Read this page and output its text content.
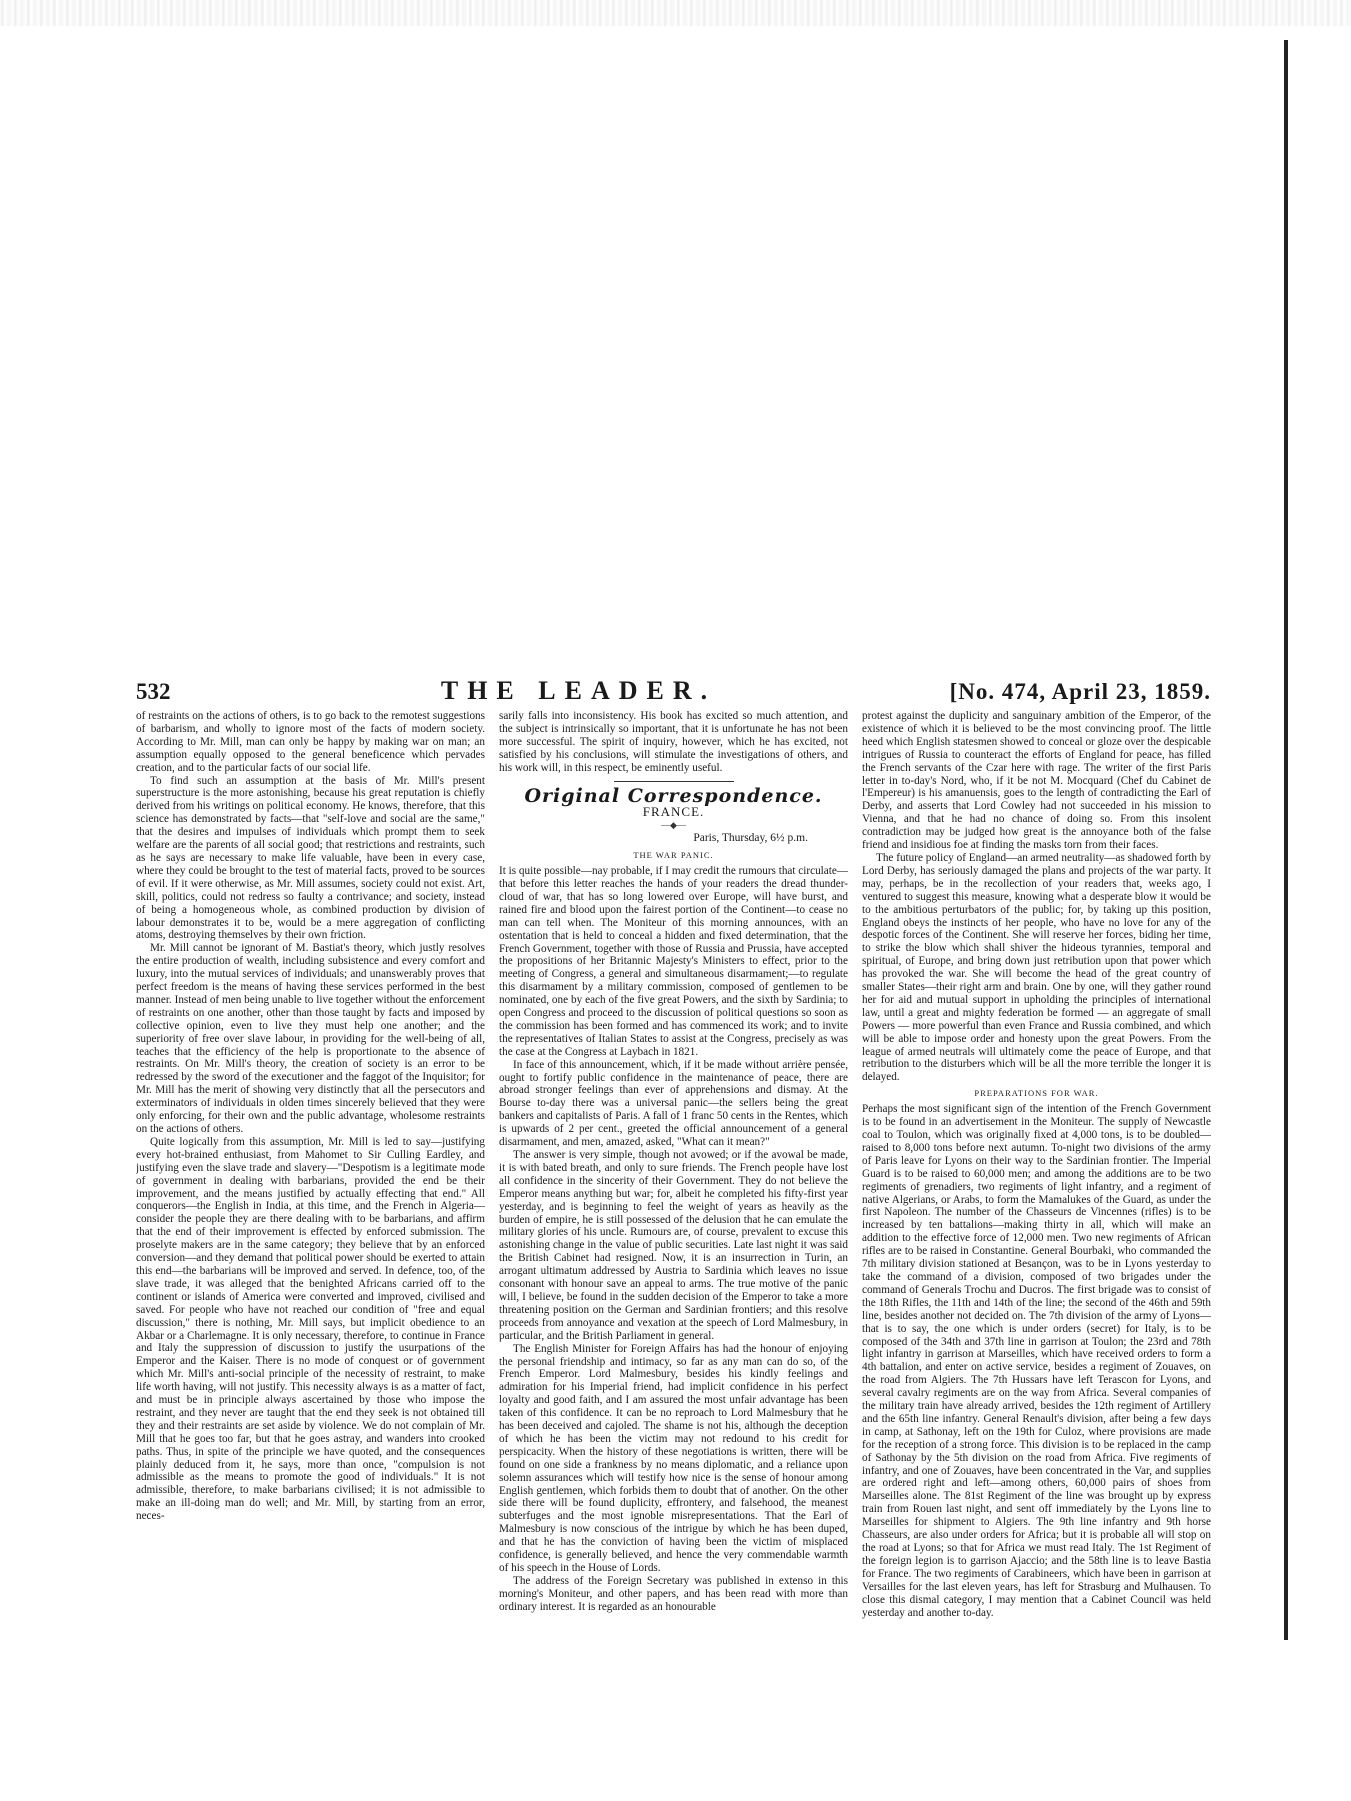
532	THE LEADER.	[No. 474, April 23, 1859.

of restraints on the actions of others, is to go back to the remotest suggestions of barbarism, and wholly to ignore most of the facts of modern society. According to Mr. Mill, man can only be happy by making war on man; an assumption equally opposed to the general beneficence which pervades creation, and to the particular facts of our social life.

To find such an assumption at the basis of Mr. Mill's present superstructure is the more astonishing, because his great reputation is chiefly derived from his writings on political economy. He knows, therefore, that this science has demonstrated by facts—that "self-love and social are the same," that the desires and impulses of individuals which prompt them to seek welfare are the parents of all social good; that restrictions and restraints, such as he says are necessary to make life valuable, have been in every case, where they could be brought to the test of material facts, proved to be sources of evil. If it were otherwise, as Mr. Mill assumes, society could not exist. Art, skill, politics, could not redress so faulty a contrivance; and society, instead of being a homogeneous whole, as combined production by division of labour demonstrates it to be, would be a mere aggregation of conflicting atoms, destroying themselves by their own friction.

Mr. Mill cannot be ignorant of M. Bastiat's theory, which justly resolves the entire production of wealth, including subsistence and every comfort and luxury, into the mutual services of individuals; and unanswerably proves that perfect freedom is the means of having these services performed in the best manner. Instead of men being unable to live together without the enforcement of restraints on one another, other than those taught by facts and imposed by collective opinion, even to live they must help one another; and the superiority of free over slave labour, in providing for the well-being of all, teaches that the efficiency of the help is proportionate to the absence of restraints. On Mr. Mill's theory, the creation of society is an error to be redressed by the sword of the executioner and the faggot of the Inquisitor; for Mr. Mill has the merit of showing very distinctly that all the persecutors and exterminators of individuals in olden times sincerely believed that they were only enforcing, for their own and the public advantage, wholesome restraints on the actions of others.

Quite logically from this assumption, Mr. Mill is led to say—justifying every hot-brained enthusiast, from Mahomet to Sir Culling Eardley, and justifying even the slave trade and slavery—"Despotism is a legitimate mode of government in dealing with barbarians, provided the end be their improvement, and the means justified by actually effecting that end." All conquerors—the English in India, at this time, and the French in Algeria—consider the people they are there dealing with to be barbarians, and affirm that the end of their improvement is effected by enforced submission. The proselyte makers are in the same category; they believe that by an enforced conversion—and they demand that political power should be exerted to attain this end—the barbarians will be improved and served. In defence, too, of the slave trade, it was alleged that the benighted Africans carried off to the continent or islands of America were converted and improved, civilised and saved. For people who have not reached our condition of "free and equal discussion," there is nothing, Mr. Mill says, but implicit obedience to an Akbar or a Charlemagne. It is only necessary, therefore, to continue in France and Italy the suppression of discussion to justify the usurpations of the Emperor and the Kaiser. There is no mode of conquest or of government which Mr. Mill's anti-social principle of the necessity of restraint, to make life worth having, will not justify. This necessity always is as a matter of fact, and must be in principle always ascertained by those who impose the restraint, and they never are taught that the end they seek is not obtained till they and their restraints are set aside by violence. We do not complain of Mr. Mill that he goes too far, but that he goes astray, and wanders into crooked paths. Thus, in spite of the principle we have quoted, and the consequences plainly deduced from it, he says, more than once, "compulsion is not admissible as the means to promote the good of individuals." It is not admissible, therefore, to make barbarians civilised; it is not admissible to make an ill-doing man do well; and Mr. Mill, by starting from an error, neces-

sarily falls into inconsistency. His book has excited so much attention, and the subject is intrinsically so important, that it is unfortunate he has not been more successful. The spirit of inquiry, however, which he has excited, not satisfied by his conclusions, will stimulate the investigations of others, and his work will, in this respect, be eminently useful.

Original Correspondence.
FRANCE.
—◆—
Paris, Thursday, 6½ p.m.
THE WAR PANIC.

It is quite possible—nay probable, if I may credit the rumours that circulate—that before this letter reaches the hands of your readers the dread thunder-cloud of war, that has so long lowered over Europe, will have burst, and rained fire and blood upon the fairest portion of the Continent—to cease no man can tell when. The Moniteur of this morning announces, with an ostentation that is held to conceal a hidden and fixed determination, that the French Government, together with those of Russia and Prussia, have accepted the propositions of her Britannic Majesty's Ministers to effect, prior to the meeting of Congress, a general and simultaneous disarmament;—to regulate this disarmament by a military commission, composed of gentlemen to be nominated, one by each of the five great Powers, and the sixth by Sardinia; to open Congress and proceed to the discussion of political questions so soon as the commission has been formed and has commenced its work; and to invite the representatives of Italian States to assist at the Congress, precisely as was the case at the Congress at Laybach in 1821.

In face of this announcement, which, if it be made without arrière pensée, ought to fortify public confidence in the maintenance of peace, there are abroad stronger feelings than ever of apprehensions and dismay. At the Bourse to-day there was a universal panic—the sellers being the great bankers and capitalists of Paris. A fall of 1 franc 50 cents in the Rentes, which is upwards of 2 per cent., greeted the official announcement of a general disarmament, and men, amazed, asked, "What can it mean?"

The answer is very simple, though not avowed; or if the avowal be made, it is with bated breath, and only to sure friends. The French people have lost all confidence in the sincerity of their Government. They do not believe the Emperor means anything but war; for, albeit he completed his fifty-first year yesterday, and is beginning to feel the weight of years as heavily as the burden of empire, he is still possessed of the delusion that he can emulate the military glories of his uncle. Rumours are, of course, prevalent to excuse this astonishing change in the value of public securities. Late last night it was said the British Cabinet had resigned. Now, it is an insurrection in Turin, an arrogant ultimatum addressed by Austria to Sardinia which leaves no issue consonant with honour save an appeal to arms. The true motive of the panic will, I believe, be found in the sudden decision of the Emperor to take a more threatening position on the German and Sardinian frontiers; and this resolve proceeds from annoyance and vexation at the speech of Lord Malmesbury, in particular, and the British Parliament in general.

The English Minister for Foreign Affairs has had the honour of enjoying the personal friendship and intimacy, so far as any man can do so, of the French Emperor. Lord Malmesbury, besides his kindly feelings and admiration for his Imperial friend, had implicit confidence in his perfect loyalty and good faith, and I am assured the most unfair advantage has been taken of this confidence. It can be no reproach to Lord Malmesbury that he has been deceived and cajoled. The shame is not his, although the deception of which he has been the victim may not redound to his credit for perspicacity. When the history of these negotiations is written, there will be found on one side a frankness by no means diplomatic, and a reliance upon solemn assurances which will testify how nice is the sense of honour among English gentlemen, which forbids them to doubt that of another. On the other side there will be found duplicity, effrontery, and falsehood, the meanest subterfuges and the most ignoble misrepresentations. That the Earl of Malmesbury is now conscious of the intrigue by which he has been duped, and that he has the conviction of having been the victim of misplaced confidence, is generally believed, and hence the very commendable warmth of his speech in the House of Lords.

The address of the Foreign Secretary was published in extenso in this morning's Moniteur, and other papers, and has been read with more than ordinary interest. It is regarded as an honourable

protest against the duplicity and sanguinary ambition of the Emperor, of the existence of which it is believed to be the most convincing proof. The little heed which English statesmen showed to conceal or gloze over the despicable intrigues of Russia to counteract the efforts of England for peace, has filled the French servants of the Czar here with rage. The writer of the first Paris letter in to-day's Nord, who, if it be not M. Mocquard (Chef du Cabinet de l'Empereur) is his amanuensis, goes to the length of contradicting the Earl of Derby, and asserts that Lord Cowley had not succeeded in his mission to Vienna, and that he had no chance of doing so. From this insolent contradiction may be judged how great is the annoyance both of the false friend and insidious foe at finding the masks torn from their faces.

The future policy of England—an armed neutrality—as shadowed forth by Lord Derby, has seriously damaged the plans and projects of the war party. It may, perhaps, be in the recollection of your readers that, weeks ago, I ventured to suggest this measure, knowing what a desperate blow it would be to the ambitious perturbators of the public; for, by taking up this position, England obeys the instincts of her people, who have no love for any of the despotic forces of the Continent. She will reserve her forces, biding her time, to strike the blow which shall shiver the hideous tyrannies, temporal and spiritual, of Europe, and bring down just retribution upon that power which has provoked the war. She will become the head of the great country of smaller States—their right arm and brain. One by one, will they gather round her for aid and mutual support in upholding the principles of international law, until a great and mighty federation be formed — an aggregate of small Powers — more powerful than even France and Russia combined, and which will be able to impose order and honesty upon the great Powers. From the league of armed neutrals will ultimately come the peace of Europe, and that retribution to the disturbers which will be all the more terrible the longer it is delayed.

PREPARATIONS FOR WAR.

Perhaps the most significant sign of the intention of the French Government is to be found in an advertisement in the Moniteur. The supply of Newcastle coal to Toulon, which was originally fixed at 4,000 tons, is to be doubled—raised to 8,000 tons before next autumn. To-night two divisions of the army of Paris leave for Lyons on their way to the Sardinian frontier. The Imperial Guard is to be raised to 60,000 men; and among the additions are to be two regiments of grenadiers, two regiments of light infantry, and a regiment of native Algerians, or Arabs, to form the Mamalukes of the Guard, as under the first Napoleon. The number of the Chasseurs de Vincennes (rifles) is to be increased by ten battalions—making thirty in all, which will make an addition to the effective force of 12,000 men. Two new regiments of African rifles are to be raised in Constantine. General Bourbaki, who commanded the 7th military division stationed at Besançon, was to be in Lyons yesterday to take the command of a division, composed of two brigades under the command of Generals Trochu and Ducros. The first brigade was to consist of the 18th Rifles, the 11th and 14th of the line; the second of the 46th and 59th line, besides another not decided on. The 7th division of the army of Lyons—that is to say, the one which is under orders (secret) for Italy, is to be composed of the 34th and 37th line in garrison at Toulon; the 23rd and 78th light infantry in garrison at Marseilles, which have received orders to form a 4th battalion, and enter on active service, besides a regiment of Zouaves, on the road from Algiers. The 7th Hussars have left Terascon for Lyons, and several cavalry regiments are on the way from Africa. Several companies of the military train have already arrived, besides the 12th regiment of Artillery and the 65th line infantry. General Renault's division, after being a few days in camp, at Sathonay, left on the 19th for Culoz, where provisions are made for the reception of a strong force. This division is to be replaced in the camp of Sathonay by the 5th division on the road from Africa. Five regiments of infantry, and one of Zouaves, have been concentrated in the Var, and supplies are ordered right and left—among others, 60,000 pairs of shoes from Marseilles alone. The 81st Regiment of the line was brought up by express train from Rouen last night, and sent off immediately by the Lyons line to Marseilles for shipment to Algiers. The 9th line infantry and 9th horse Chasseurs, are also under orders for Africa; but it is probable all will stop on the road at Lyons; so that for Africa we must read Italy. The 1st Regiment of the foreign legion is to garrison Ajaccio; and the 58th line is to leave Bastia for France. The two regiments of Carabineers, which have been in garrison at Versailles for the last eleven years, has left for Strasburg and Mulhausen. To close this dismal category, I may mention that a Cabinet Council was held yesterday and another to-day.
